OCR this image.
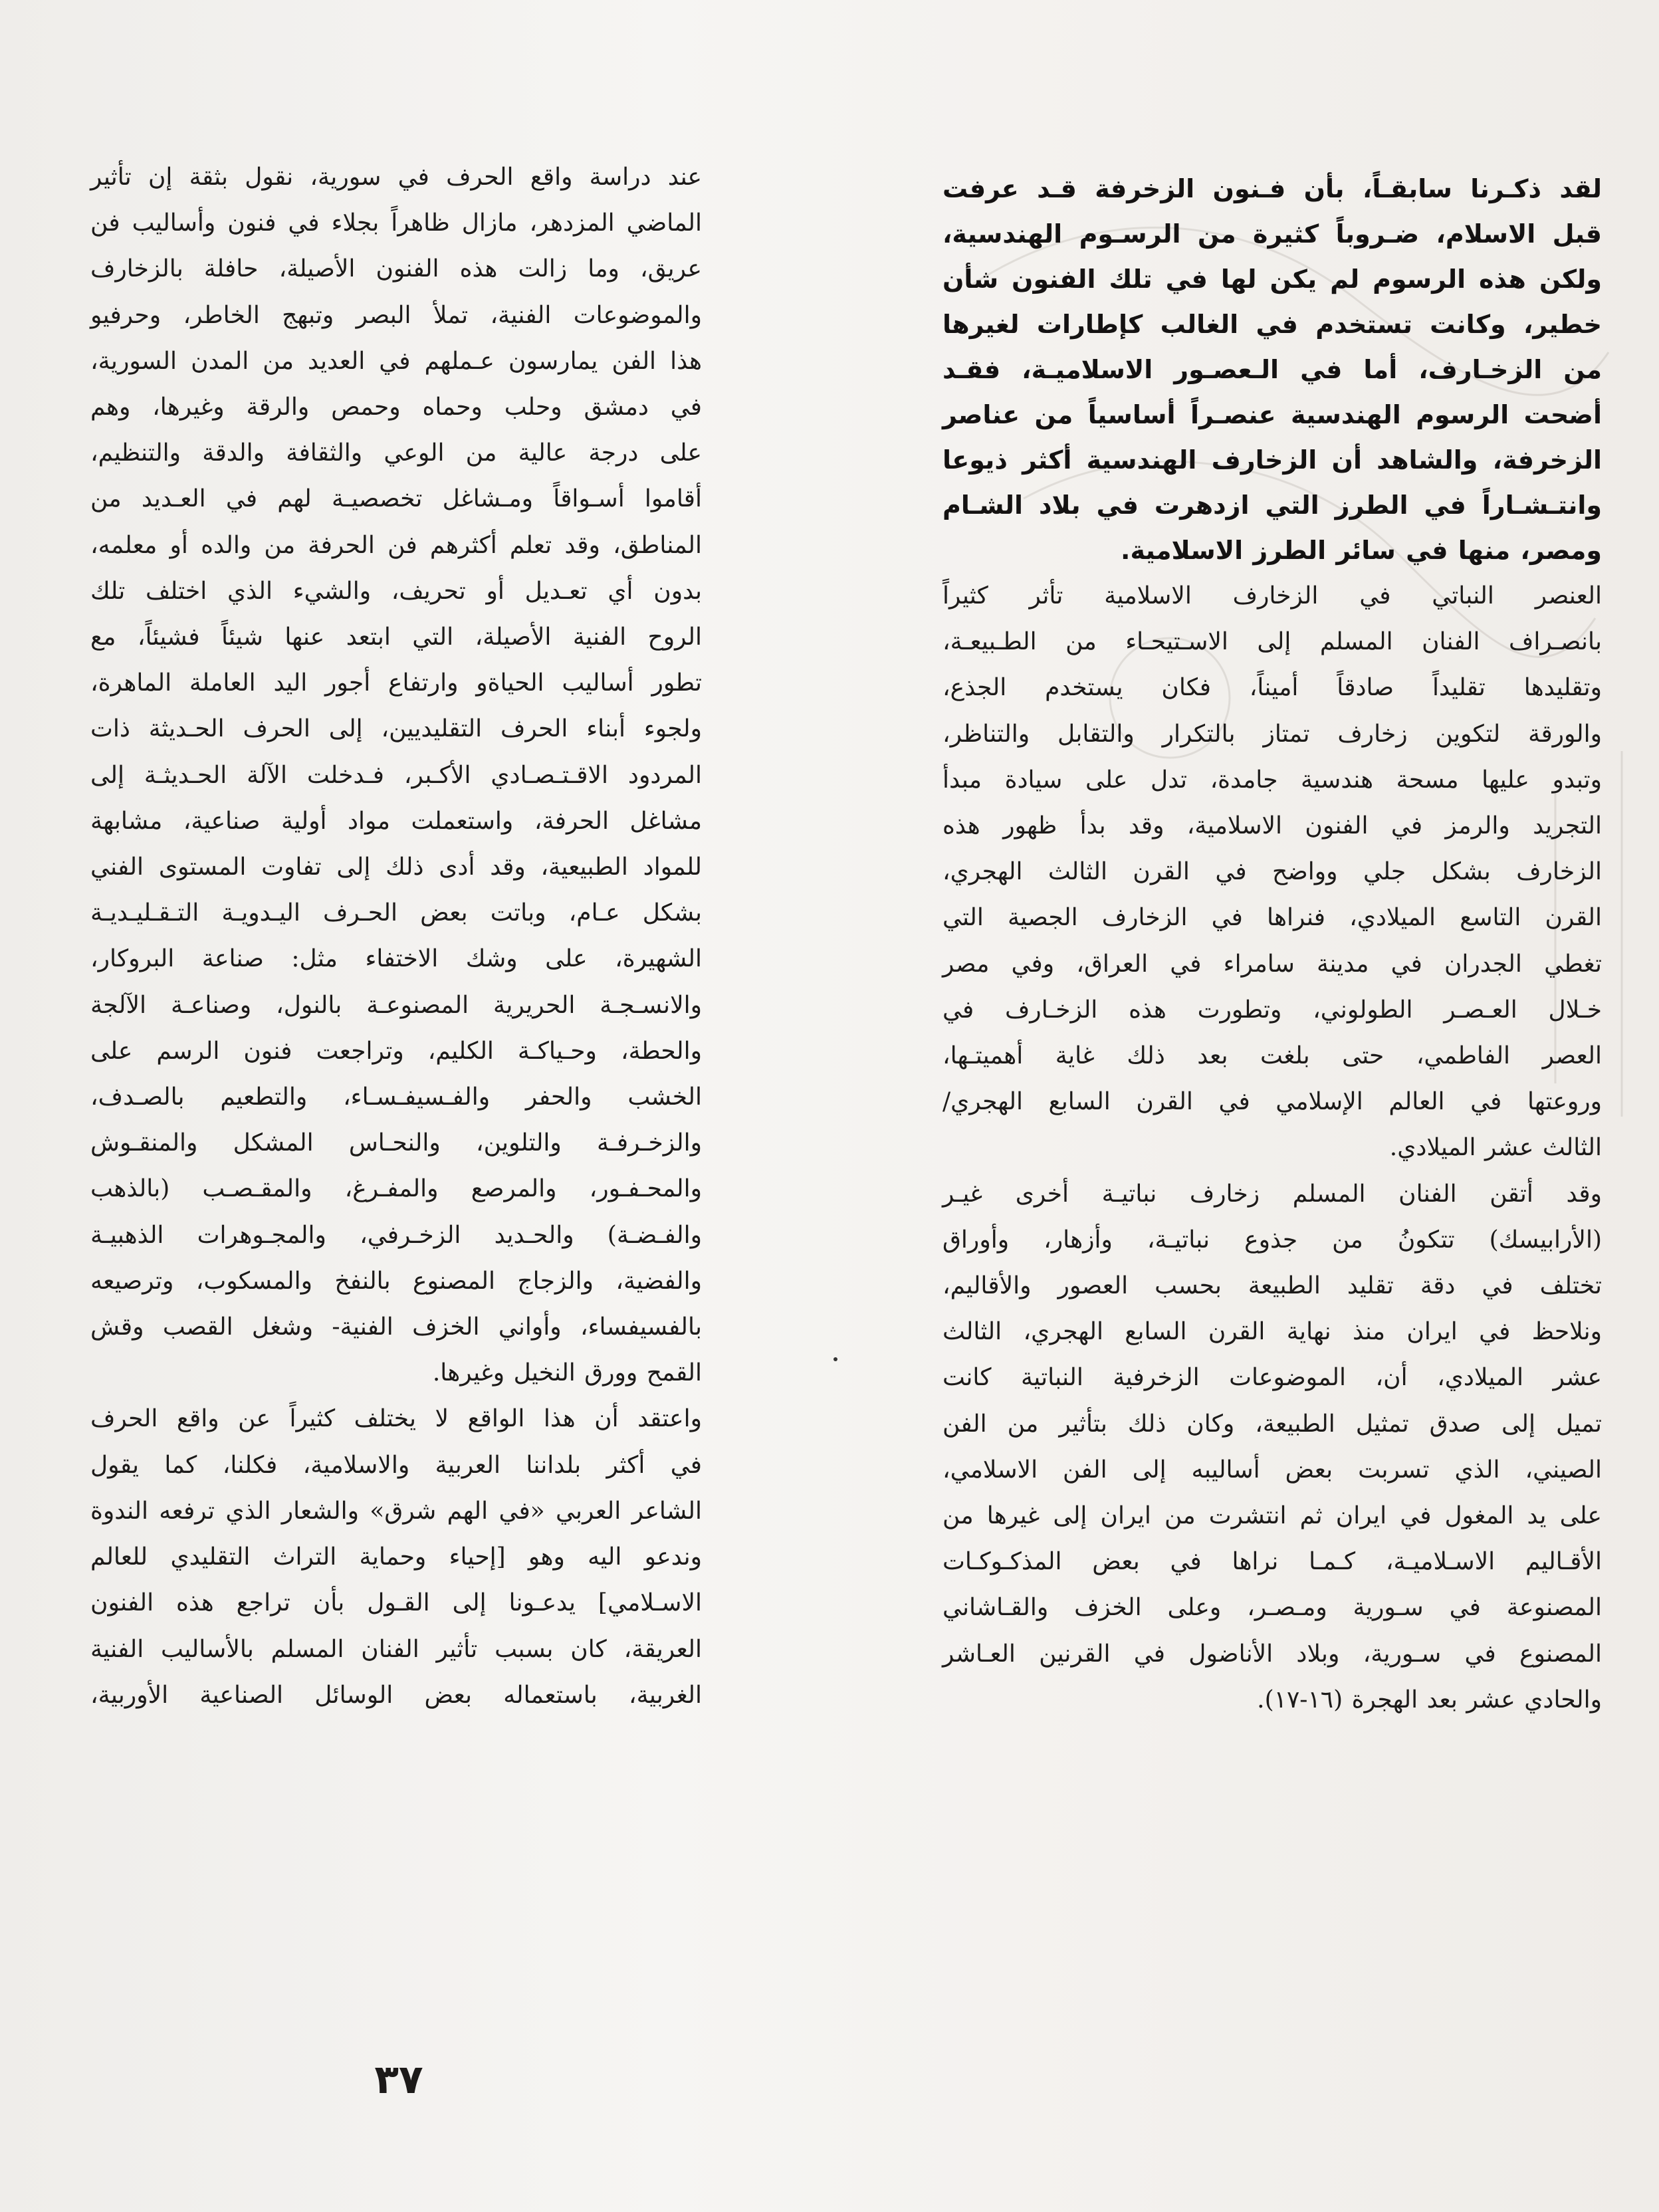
لقد ذكـرنا سابقـاً، بأن فـنون الزخرفة قـد عرفت
قبل الاسلام، ضـروباً كثيرة من الرسـوم الهندسية،
ولكن هذه الرسوم لم يكن لها في تلك الفنون شأن
خطير، وكانت تستخدم في الغالب كإطارات لغيرها
من الزخـارف، أما في الـعصـور الاسلاميـة، فقـد
أضحت الرسوم الهندسية عنصـراً أساسياً من عناصر
الزخرفة، والشاهد أن الزخارف الهندسية أكثر ذيوعا
وانتـشـاراً في الطرز التي ازدهرت في بلاد الشـام
ومصر، منها في سائر الطرز الاسلامية.

العنصر النباتي في الزخارف الاسلامية تأثر كثيراً
بانصـراف الفنان المسلم إلى الاسـتيحـاء من الطـبيعـة،
وتقليدها تقليداً صادقاً أميناً، فكان يستخدم الجذع،
والورقة لتكوين زخارف تمتاز بالتكرار والتقابل والتناظر،
وتبدو عليها مسحة هندسية جامدة، تدل على سيادة مبدأ
التجريد والرمز في الفنون الاسلامية، وقد بدأ ظهور هذه
الزخارف بشكل جلي وواضح في القرن الثالث الهجري،
القرن التاسع الميلادي، فنراها في الزخارف الجصية التي
تغطي الجدران في مدينة سامراء في العراق، وفي مصر
خـلال العـصـر الطولوني، وتطورت هذه الزخـارف في
العصر الفاطمي، حتى بلغت بعد ذلك غاية أهميتـها،
وروعتها في العالم الإسلامي في القرن السابع الهجري/
الثالث عشر الميلادي.

وقد أتقن الفنان المسلم زخارف نباتيـة أخرى غيـر
(الأرابيسك) تتكونُ من جذوع نباتيـة، وأزهار، وأوراق
تختلف في دقة تقليد الطبيعة بحسب العصور والأقاليم،
ونلاحظ في ايران منذ نهاية القرن السابع الهجري، الثالث
عشر الميلادي، أن، الموضوعات الزخرفية النباتية كانت
تميل إلى صدق تمثيل الطبيعة، وكان ذلك بتأثير من الفن
الصيني، الذي تسربت بعض أساليبه إلى الفن الاسلامي،
على يد المغول في ايران ثم انتشرت من ايران إلى غيرها من
الأقـاليم الاسـلاميـة، كـمـا نراها في بعض المذكـوكـات
المصنوعة في سـورية ومـصـر، وعلى الخزف والقـاشاني
المصنوع في سـورية، وبلاد الأناضول في القرنين العـاشر
والحادي عشر بعد الهجرة (١٦-١٧).

عند دراسة واقع الحرف في سورية، نقول بثقة إن تأثير
الماضي المزدهر، مازال ظاهراً بجلاء في فنون وأساليب فن
عريق، وما زالت هذه الفنون الأصيلة، حافلة بالزخارف
والموضوعات الفنية، تملأ البصر وتبهج الخاطر، وحرفيو
هذا الفن يمارسون عـملهم في العديد من المدن السورية،
في دمشق وحلب وحماه وحمص والرقة وغيرها، وهم
على درجة عالية من الوعي والثقافة والدقة والتنظيم،
أقاموا أسـواقاً ومـشاغل تخصصيـة لهم في العـديد من
المناطق، وقد تعلم أكثرهم فن الحرفة من والده أو معلمه،
بدون أي تعـديل أو تحريف، والشيء الذي اختلف تلك
الروح الفنية الأصيلة، التي ابتعد عنها شيئاً فشيئاً، مع
تطور أساليب الحياةو وارتفاع أجور اليد العاملة الماهرة،
ولجوء أبناء الحرف التقليديين، إلى الحرف الحـديثة ذات
المردود الاقـتـصـادي الأكـبر، فـدخلت الآلة الحـديثـة إلى
مشاغل الحرفة، واستعملت مواد أولية صناعية، مشابهة
للمواد الطبيعية، وقد أدى ذلك إلى تفاوت المستوى الفني
بشكل عـام، وباتت بعض الحـرف اليـدويـة التـقـليـديـة
الشهيرة، على وشك الاختفاء مثل: صناعة البروكار،
والانسـجـة الحريرية المصنوعـة بالنول، وصناعـة الآلجة
والحطة، وحـياكـة الكليم، وتراجعت فنون الرسم على
الخشب والحفر والفـسيفـسـاء، والتطعيم بالصـدف،
والزخـرفـة والتلوين، والنحـاس المشكل والمنقـوش
والمحـفـور، والمرصع والمفـرغ، والمقـصـب (بالذهب
والفـضـة) والحـديد الزخـرفي، والمجـوهرات الذهبيـة
والفضية، والزجاج المصنوع بالنفخ والمسكوب، وترصيعه
بالفسيفساء، وأواني الخزف الفنية- وشغل القصب وقش
القمح وورق النخيل وغيرها.

واعتقد أن هذا الواقع لا يختلف كثيراً عن واقع الحرف
في أكثر بلداننا العربية والاسلامية، فكلنا، كما يقول
الشاعر العربي «في الهم شرق» والشعار الذي ترفعه الندوة
وندعو اليه وهو [إحياء وحماية التراث التقليدي للعالم
الاسـلامي] يدعـونا إلى القـول بأن تراجع هذه الفنون
العريقة، كان بسبب تأثير الفنان المسلم بالأساليب الفنية
الغربية، باستعماله بعض الوسائل الصناعية الأوربية،

٣٧
